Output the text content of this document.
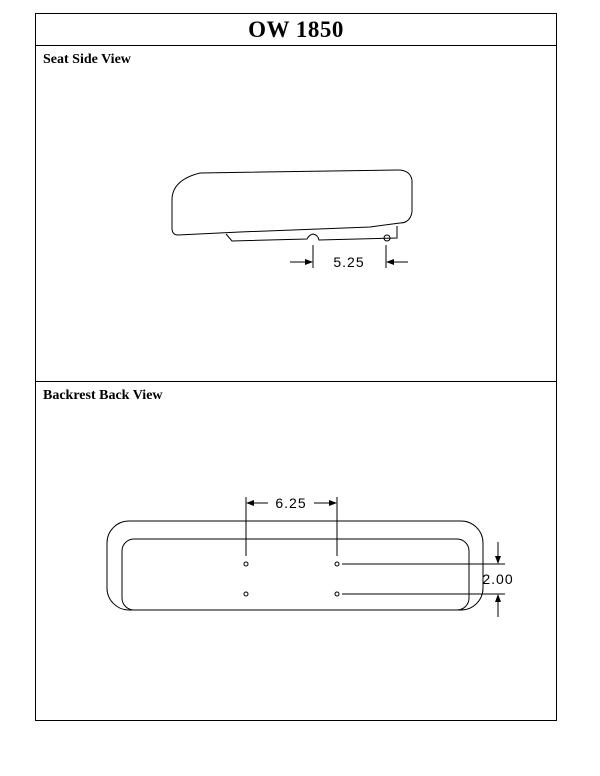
OW 1850
Seat Side View
Backrest Back View
5.25
6.25
2.00
